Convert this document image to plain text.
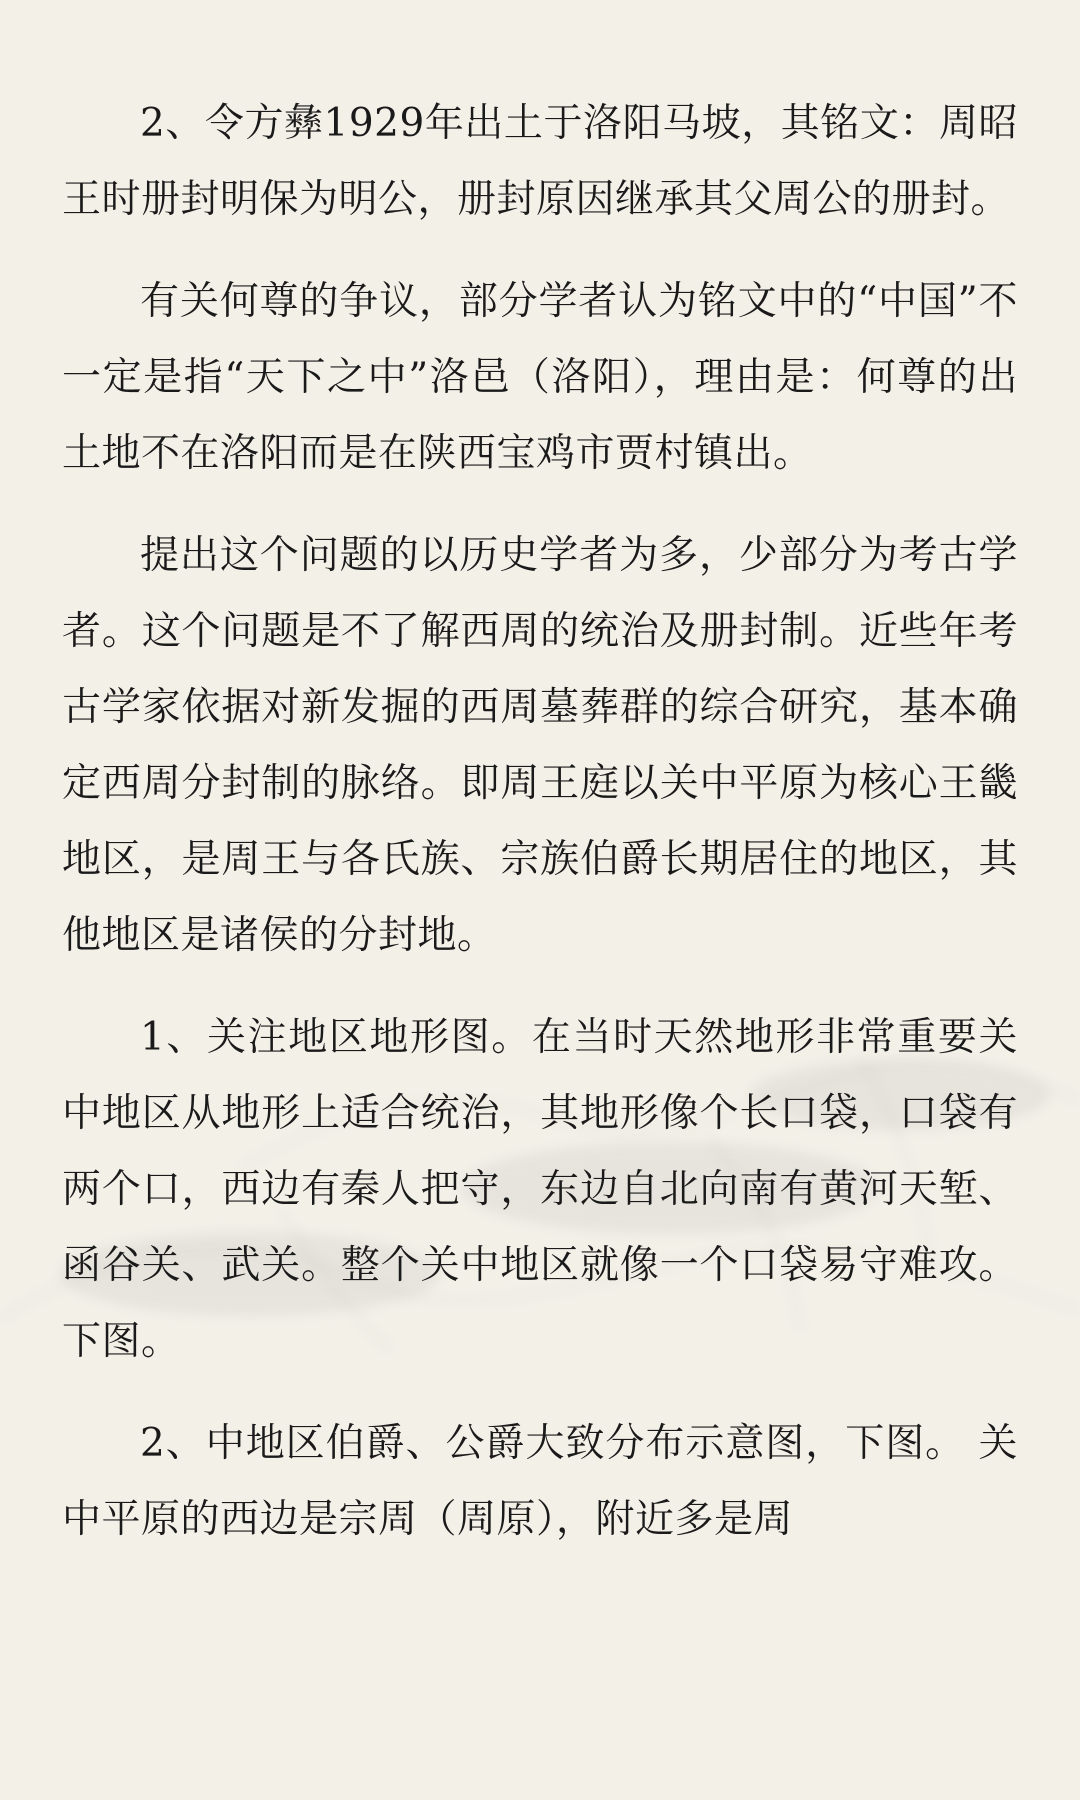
2、令方彝1929年出土于洛阳马坡，其铭文：周昭王时册封明保为明公，册封原因继承其父周公的册封。

有关何尊的争议，部分学者认为铭文中的“中国”不一定是指“天下之中”洛邑（洛阳），理由是：何尊的出土地不在洛阳而是在陕西宝鸡市贾村镇出。

提出这个问题的以历史学者为多，少部分为考古学者。这个问题是不了解西周的统治及册封制。近些年考古学家依据对新发掘的西周墓葬群的综合研究，基本确定西周分封制的脉络。即周王庭以关中平原为核心王畿地区，是周王与各氏族、宗族伯爵长期居住的地区，其他地区是诸侯的分封地。

1、关注地区地形图。在当时天然地形非常重要关中地区从地形上适合统治，其地形像个长口袋，口袋有两个口，西边有秦人把守，东边自北向南有黄河天堑、函谷关、武关。整个关中地区就像一个口袋易守难攻。下图。

2、中地区伯爵、公爵大致分布示意图，下图。 关中平原的西边是宗周（周原），附近多是周
